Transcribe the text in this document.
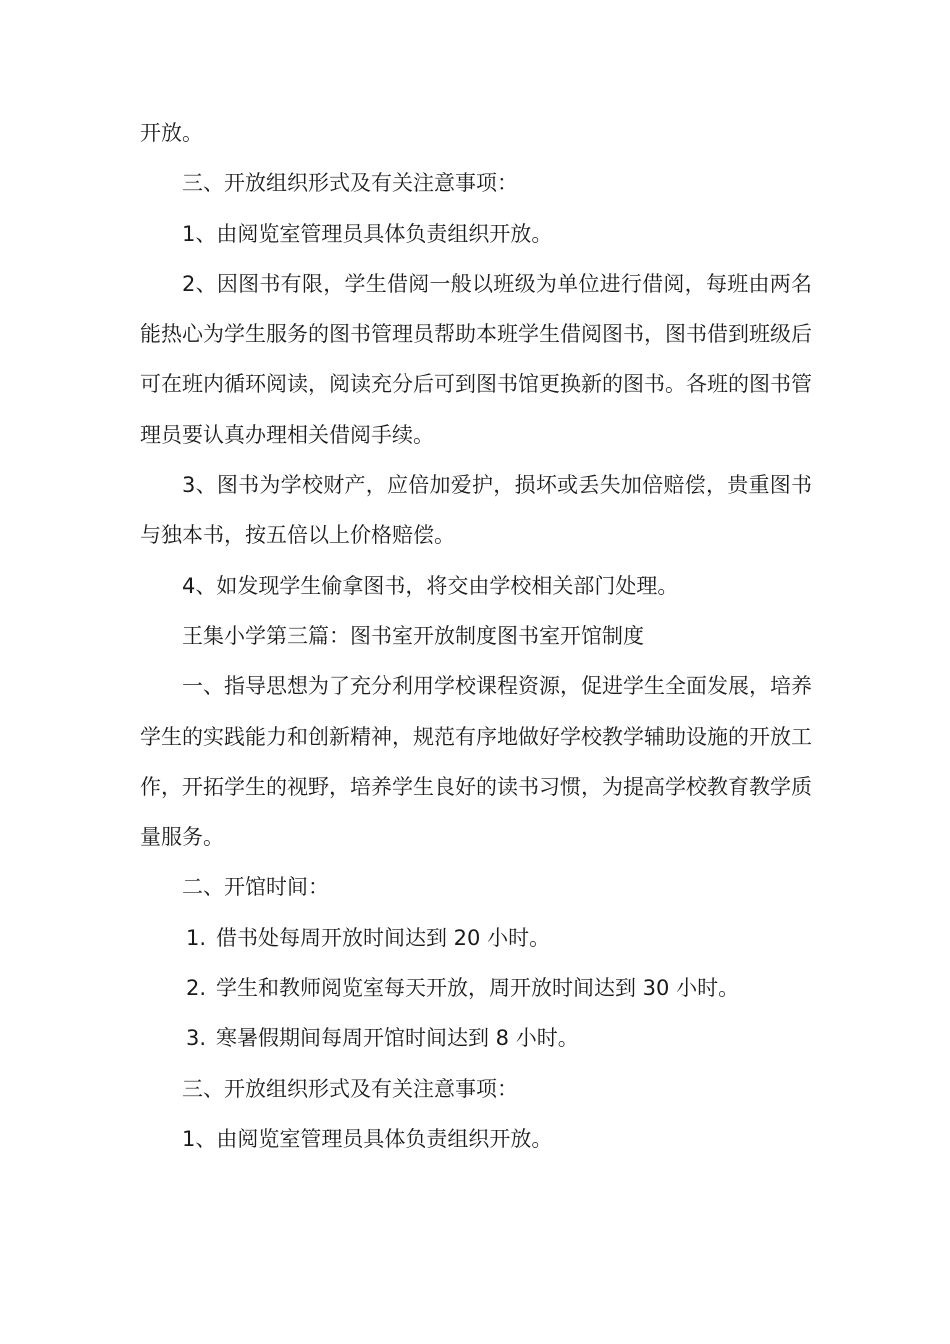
开放。

三、开放组织形式及有关注意事项：

1、由阅览室管理员具体负责组织开放。

2、因图书有限，学生借阅一般以班级为单位进行借阅，每班由两名能热心为学生服务的图书管理员帮助本班学生借阅图书，图书借到班级后可在班内循环阅读，阅读充分后可到图书馆更换新的图书。各班的图书管理员要认真办理相关借阅手续。

3、图书为学校财产，应倍加爱护，损坏或丢失加倍赔偿，贵重图书与独本书，按五倍以上价格赔偿。

4、如发现学生偷拿图书，将交由学校相关部门处理。

王集小学第三篇：图书室开放制度图书室开馆制度

一、指导思想为了充分利用学校课程资源，促进学生全面发展，培养学生的实践能力和创新精神，规范有序地做好学校教学辅助设施的开放工作，开拓学生的视野，培养学生良好的读书习惯，为提高学校教育教学质量服务。

二、开馆时间：

1. 借书处每周开放时间达到 20 小时。

2. 学生和教师阅览室每天开放，周开放时间达到 30 小时。

3. 寒暑假期间每周开馆时间达到 8 小时。

三、开放组织形式及有关注意事项：

1、由阅览室管理员具体负责组织开放。
